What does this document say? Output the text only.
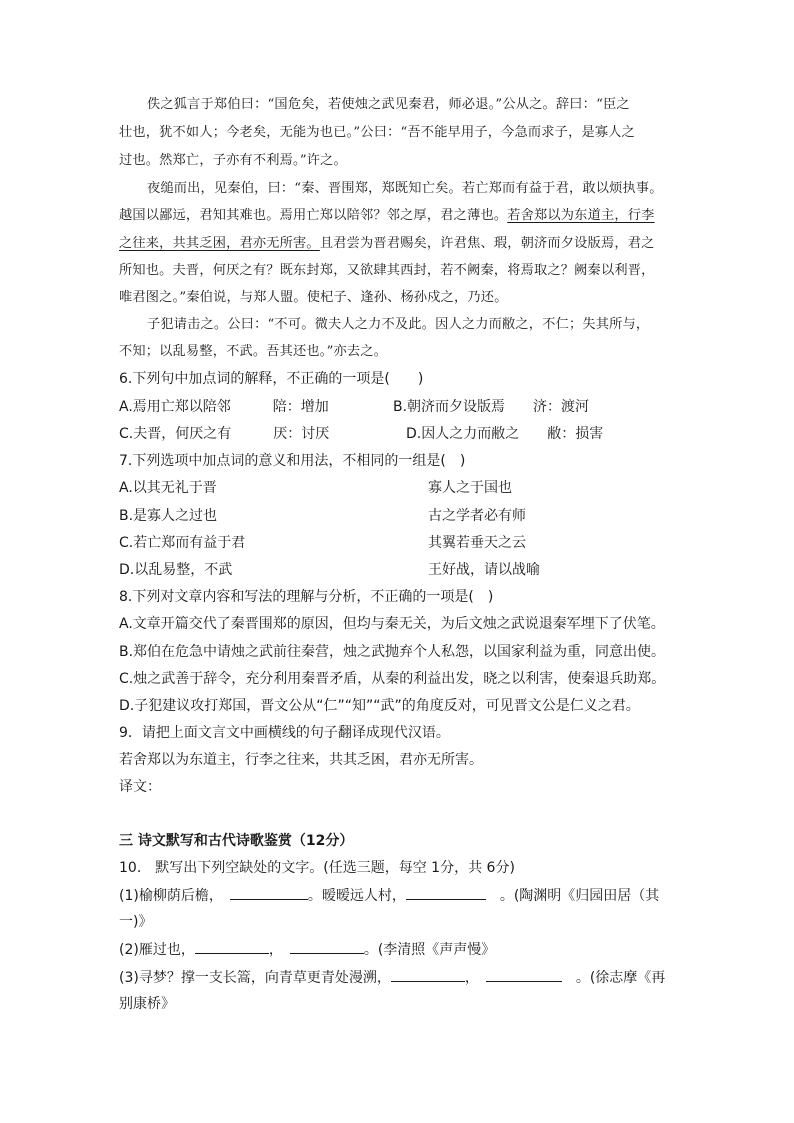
佚之狐言于郑伯曰：“国危矣，若使烛之武见秦君，师必退。”公从之。辞曰：“臣之
壮也，犹不如人；今老矣，无能为也已。”公曰：“吾不能早用子，今急而求子，是寡人之
过也。然郑亡，子亦有不利焉。”许之。
夜缒而出，见秦伯，曰：“秦、晋围郑，郑既知亡矣。若亡郑而有益于君，敢以烦执事。
越国以鄙远，君知其难也。焉用亡郑以陪邻？邻之厚，君之薄也。若舍郑以为东道主，行李
之往来，共其乏困，君亦无所害。且君尝为晋君赐矣，许君焦、瑕，朝济而夕设版焉，君之
所知也。夫晋，何厌之有？既东封郑，又欲肆其西封，若不阙秦，将焉取之？阙秦以利晋，
唯君图之。”秦伯说，与郑人盟。使杞子、逢孙、杨孙戍之，乃还。
子犯请击之。公曰：“不可。微夫人之力不及此。因人之力而敝之，不仁；失其所与，
不知；以乱易整，不武。吾其还也。”亦去之。
6.下列句中加点词的解释，不正确的一项是(　　)
A.焉用亡郑以陪邻　　　陪：增加	B.朝济而夕设版焉　　济：渡河
C.夫晋，何厌之有　　　厌：讨厌	D.因人之力而敝之　　敝：损害
7.下列选项中加点词的意义和用法，不相同的一组是(　)
A.以其无礼于晋	寡人之于国也
B.是寡人之过也	古之学者必有师
C.若亡郑而有益于君	其翼若垂天之云
D.以乱易整，不武	王好战，请以战喻
8.下列对文章内容和写法的理解与分析，不正确的一项是(　)
A.文章开篇交代了秦晋围郑的原因，但均与秦无关，为后文烛之武说退秦军埋下了伏笔。
B.郑伯在危急中请烛之武前往秦营，烛之武抛弃个人私怨，以国家利益为重，同意出使。
C.烛之武善于辞令，充分利用秦晋矛盾，从秦的利益出发，晓之以利害，使秦退兵助郑。
D.子犯建议攻打郑国，晋文公从“仁”“知”“武”的角度反对，可见晋文公是仁义之君。
9．请把上面文言文中画横线的句子翻译成现代汉语。
若舍郑以为东道主，行李之往来，共其乏困，君亦无所害。
译文：
三 诗文默写和古代诗歌鉴赏（12分）
10.　默写出下列空缺处的文字。(任选三题，每空 1分，共 6分)
(1)榆柳荫后檐，　	。暧暧远人村，	　。(陶渊明《归园田居（其
一)》
(2)雁过也，	，　	。(李清照《声声慢》
(3)寻梦？撑一支长篙，向青草更青处漫溯，	，　	　。(徐志摩《再
别康桥》
